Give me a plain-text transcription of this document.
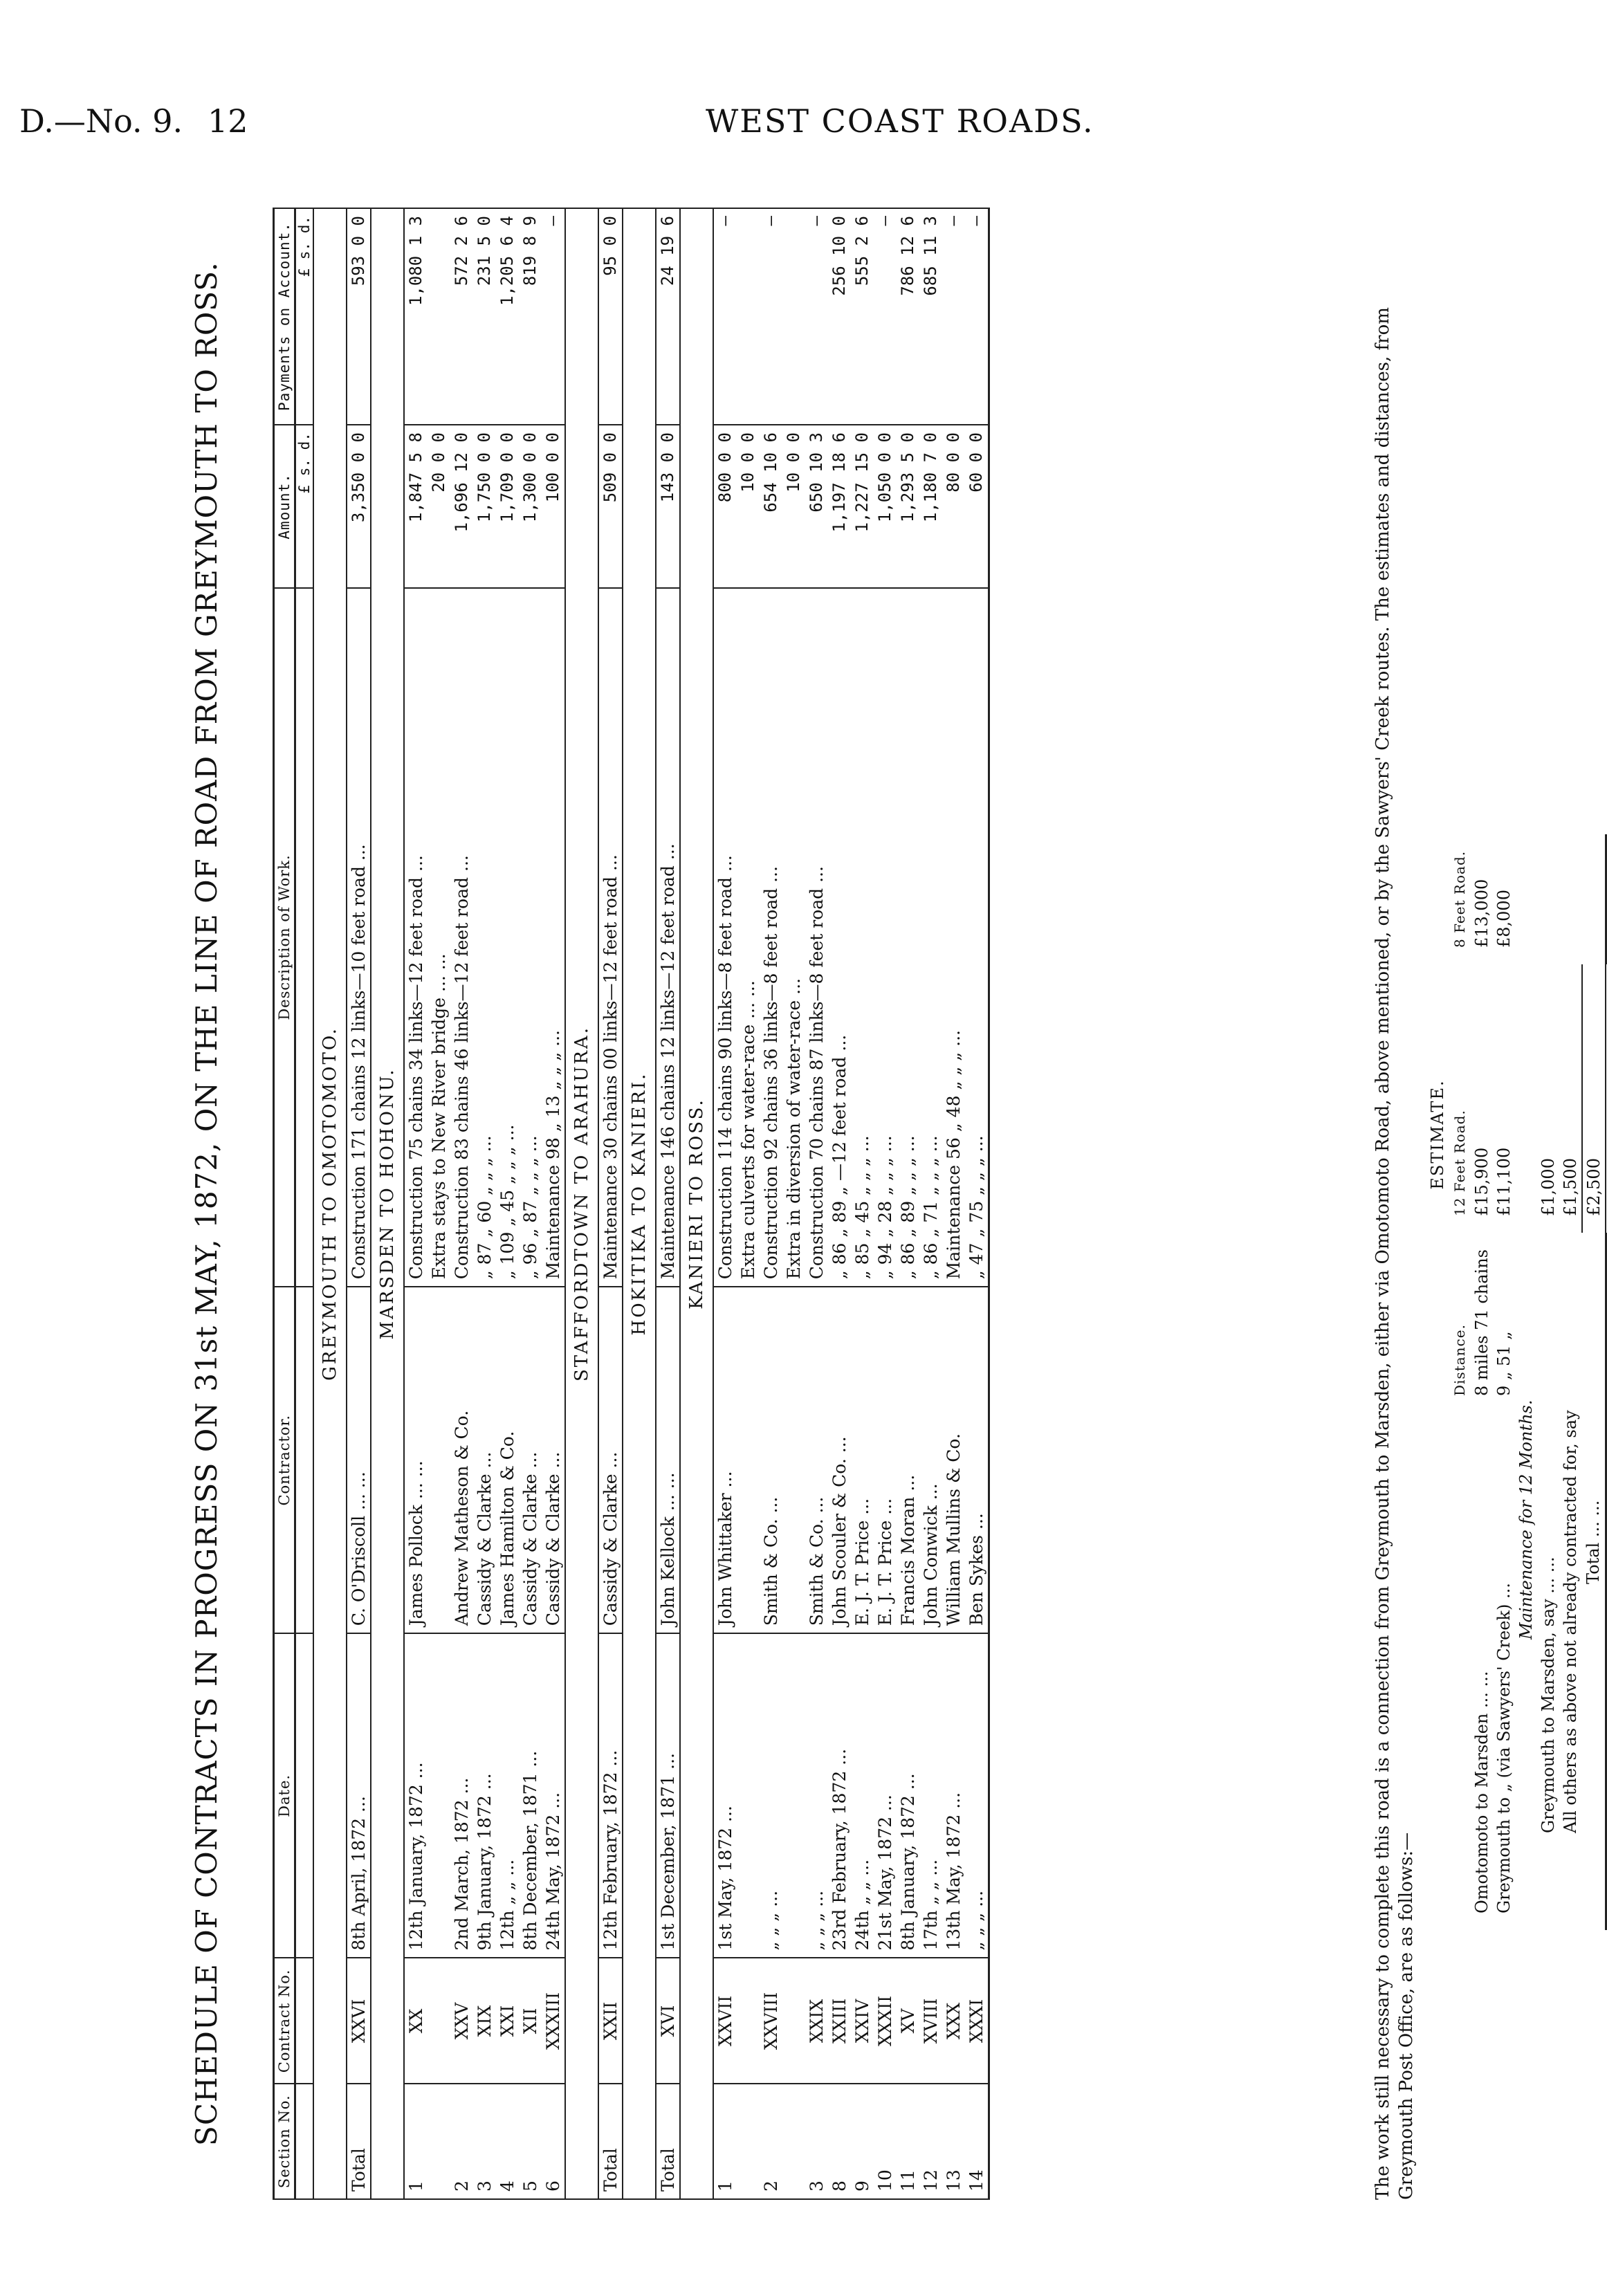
D.—No. 9. 12	WEST COAST ROADS.
SCHEDULE OF CONTRACTS IN PROGRESS ON 31st MAY, 1872, ON THE LINE OF ROAD FROM GREYMOUTH TO ROSS.	Section No.	Contract No.	Date.	Contractor.	Description of Work.	Amount.	Payments on Account.
					£ s. d.	£ s. d.
GREYMOUTH TO OMOTOMOTO.						
Total	XXVI	8th April, 1872 ...	C. O'Driscoll ... ...	Construction 171 chains 12 links—10 feet road ...	3,350 0 0	593 0 0
MARSDEN TO HOHONU.						
1	XX	12th January, 1872 ...	James Pollock ... ...	Construction 75 chains 34 links—12 feet road ...	1,847 5 8	1,080 1 3
				Extra stays to New River bridge ... ...	20 0 0	
2	XXV	2nd March, 1872 ...	Andrew Matheson & Co.	Construction 83 chains 46 links—12 feet road ...	1,696 12 0	572 2 6
3	XIX	9th January, 1872 ...	Cassidy & Clarke ...	„ 87 „ 60 „ „ „ ...	1,750 0 0	231 5 0
4	XXI	12th „ „ ...	James Hamilton & Co.	„ 109 „ 45 „ „ „ ...	1,709 0 0	1,205 6 4
5	XII	8th December, 1871 ...	Cassidy & Clarke ...	„ 96 „ 87 „ „ „ ...	1,300 0 0	819 8 9
6	XXXIII	24th May, 1872 ...	Cassidy & Clarke ...	Maintenance 98 „ 13 „ „ „ ...	100 0 0	—
STAFFORDTOWN TO ARAHURA.						
Total	XXII	12th February, 1872 ...	Cassidy & Clarke ...	Maintenance 30 chains 00 links—12 feet road ...	509 0 0	95 0 0
HOKITIKA TO KANIERI.						
Total	XVI	1st December, 1871 ...	John Kellock ... ...	Maintenance 146 chains 12 links—12 feet road ...	143 0 0	24 19 6
KANIERI TO ROSS.						
1	XXVII	1st May, 1872 ...	John Whittaker ...	Construction 114 chains 90 links—8 feet road ...	800 0 0	—
				Extra culverts for water-race ... ...	10 0 0	
2	XXVIII	„ „ „ ...	Smith & Co. ...	Construction 92 chains 36 links—8 feet road ...	654 10 6	—
				Extra in diversion of water-race ...	10 0 0	
3	XXIX	„ „ „ ...	Smith & Co. ...	Construction 70 chains 87 links—8 feet road ...	650 10 3	—
8	XXIII	23rd February, 1872 ...	John Scouler & Co. ...	„ 86 „ 89 „ —12 feet road ...	1,197 18 6	256 10 0
9	XXIV	24th „ „ ...	E. J. T. Price ...	„ 85 „ 45 „ „ „ ...	1,227 15 0	555 2 6
10	XXXII	21st May, 1872 ...	E. J. T. Price ...	„ 94 „ 28 „ „ „ ...	1,050 0 0	—
11	XV	8th January, 1872 ...	Francis Moran ...	„ 86 „ 89 „ „ „ ...	1,293 5 0	786 12 6
12	XVIII	17th „ „ ...	John Conwick ...	„ 86 „ 71 „ „ „ ...	1,180 7 0	685 11 3
13	XXX	13th May, 1872 ...	William Mullins & Co.	Maintenance 56 „ 48 „ „ „ ...	80 0 0	—
14	XXXI	„ „ „ ...	Ben Sykes ...	„ 47 „ 75 „ „ „ ...	60 0 0	—

The work still necessary to complete this road is a connection from Greymouth to Marsden, either via Omotomoto Road, above mentioned, or by the Sawyers' Creek routes. The estimates and distances, from Greymouth Post Office, are as follows:—

ESTIMATE.
	Distance.	12 Feet Road.	8 Feet Road.
Omotomoto to Marsden ... ...	8 miles 71 chains	£15,900	£13,000
Greymouth to „ (via Sawyers' Creek) ...	9 „ 51 „	£11,100	£8,000
Maintenance for 12 Months.			
Greymouth to Marsden, say ... ...		£1,000	
All others as above not already contracted for, say		£1,500	
Total ... ...		£2,500	
